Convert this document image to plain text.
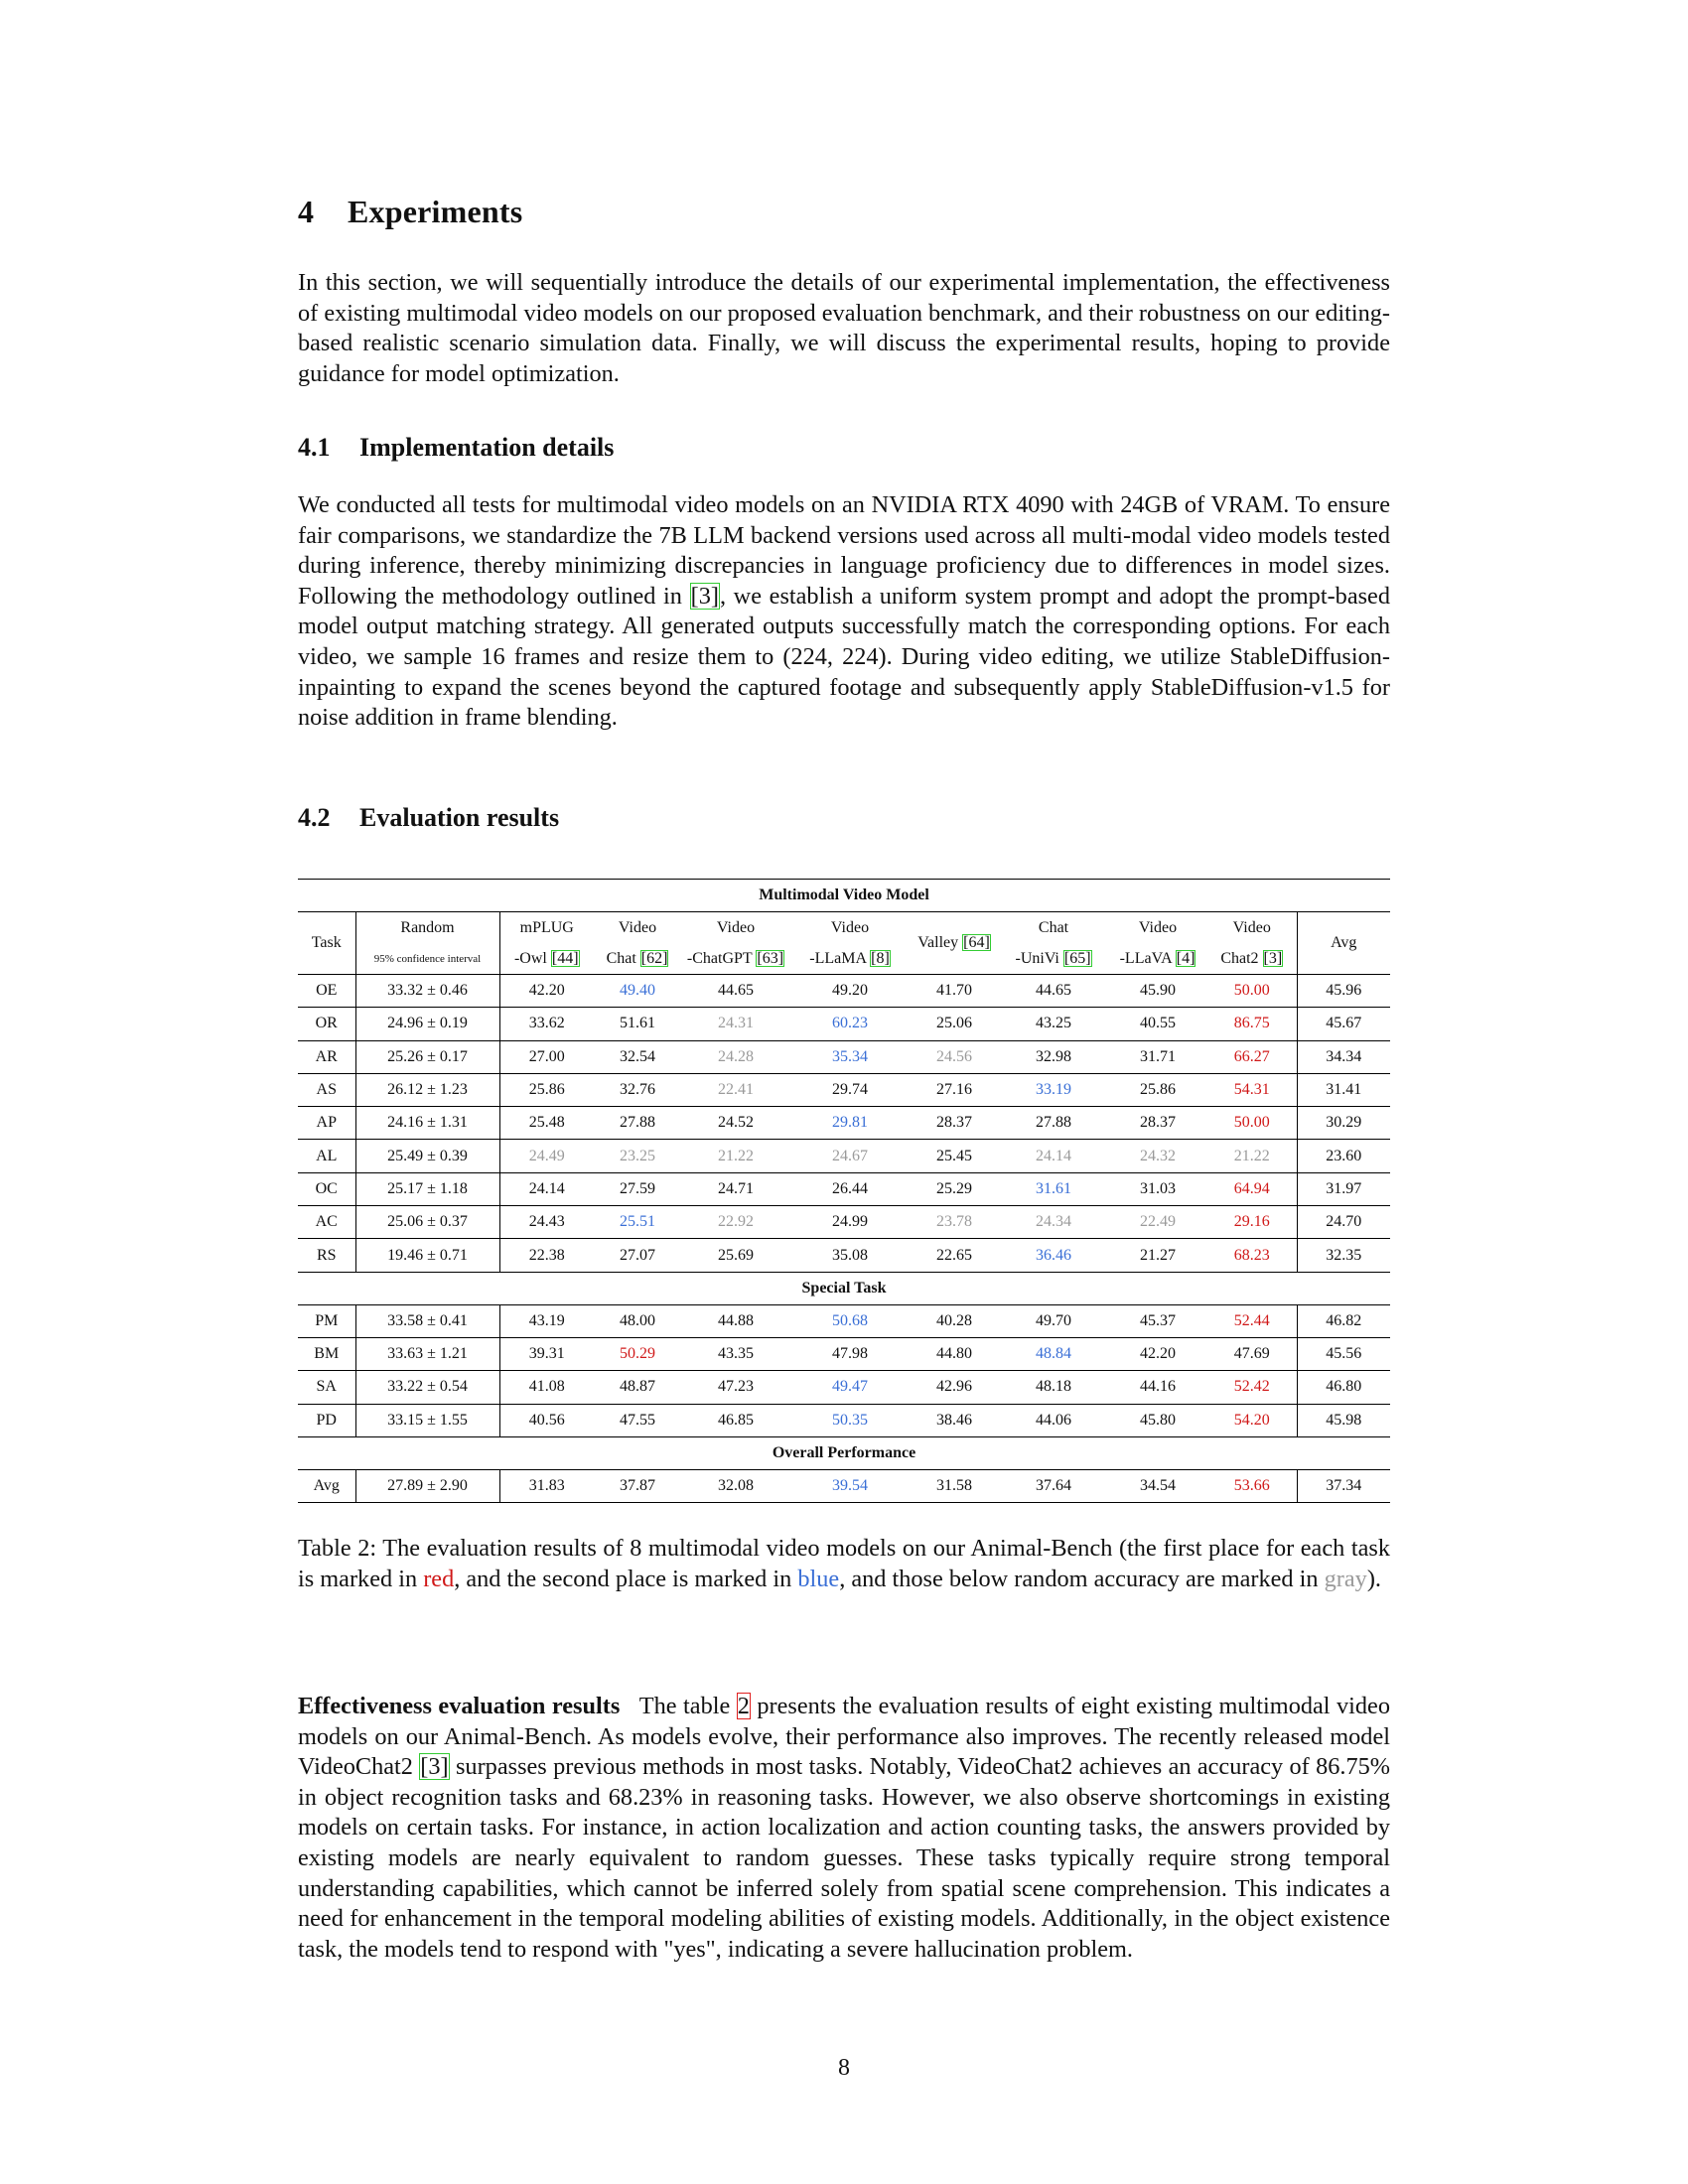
4 Experiments

In this section, we will sequentially introduce the details of our experimental implementation, the effectiveness of existing multimodal video models on our proposed evaluation benchmark, and their robustness on our editing-based realistic scenario simulation data. Finally, we will discuss the experimental results, hoping to provide guidance for model optimization.

4.1 Implementation details

We conducted all tests for multimodal video models on an NVIDIA RTX 4090 with 24GB of VRAM. To ensure fair comparisons, we standardize the 7B LLM backend versions used across all multi-modal video models tested during inference, thereby minimizing discrepancies in language proficiency due to differences in model sizes. Following the methodology outlined in [3], we establish a uniform system prompt and adopt the prompt-based model output matching strategy. All generated outputs successfully match the corresponding options. For each video, we sample 16 frames and resize them to (224, 224). During video editing, we utilize StableDiffusion-inpainting to expand the scenes beyond the captured footage and subsequently apply StableDiffusion-v1.5 for noise addition in frame blending.

4.2 Evaluation results
Multimodal Video Model										
Task	Random	mPLUG	Video	Video	Video	Valley [64]	Chat	Video	Video	Avg
	95% confidence interval	-Owl [44]	Chat [62]	-ChatGPT [63]	-LLaMA [8]		-UniVi [65]	-LLaVA [4]	Chat2 [3]	
OE	33.32 ± 0.46	42.20	49.40	44.65	49.20	41.70	44.65	45.90	50.00	45.96
OR	24.96 ± 0.19	33.62	51.61	24.31	60.23	25.06	43.25	40.55	86.75	45.67
AR	25.26 ± 0.17	27.00	32.54	24.28	35.34	24.56	32.98	31.71	66.27	34.34
AS	26.12 ± 1.23	25.86	32.76	22.41	29.74	27.16	33.19	25.86	54.31	31.41
AP	24.16 ± 1.31	25.48	27.88	24.52	29.81	28.37	27.88	28.37	50.00	30.29
AL	25.49 ± 0.39	24.49	23.25	21.22	24.67	25.45	24.14	24.32	21.22	23.60
OC	25.17 ± 1.18	24.14	27.59	24.71	26.44	25.29	31.61	31.03	64.94	31.97
AC	25.06 ± 0.37	24.43	25.51	22.92	24.99	23.78	24.34	22.49	29.16	24.70
RS	19.46 ± 0.71	22.38	27.07	25.69	35.08	22.65	36.46	21.27	68.23	32.35
Special Task										
PM	33.58 ± 0.41	43.19	48.00	44.88	50.68	40.28	49.70	45.37	52.44	46.82
BM	33.63 ± 1.21	39.31	50.29	43.35	47.98	44.80	48.84	42.20	47.69	45.56
SA	33.22 ± 0.54	41.08	48.87	47.23	49.47	42.96	48.18	44.16	52.42	46.80
PD	33.15 ± 1.55	40.56	47.55	46.85	50.35	38.46	44.06	45.80	54.20	45.98
Overall Performance										
Avg	27.89 ± 2.90	31.83	37.87	32.08	39.54	31.58	37.64	34.54	53.66	37.34

Table 2: The evaluation results of 8 multimodal video models on our Animal-Bench (the first place for each task is marked in red, and the second place is marked in blue, and those below random accuracy are marked in gray).

Effectiveness evaluation results The table 2 presents the evaluation results of eight existing multimodal video models on our Animal-Bench. As models evolve, their performance also improves. The recently released model VideoChat2 [3] surpasses previous methods in most tasks. Notably, VideoChat2 achieves an accuracy of 86.75% in object recognition tasks and 68.23% in reasoning tasks. However, we also observe shortcomings in existing models on certain tasks. For instance, in action localization and action counting tasks, the answers provided by existing models are nearly equivalent to random guesses. These tasks typically require strong temporal understanding capabilities, which cannot be inferred solely from spatial scene comprehension. This indicates a need for enhancement in the temporal modeling abilities of existing models. Additionally, in the object existence task, the models tend to respond with "yes", indicating a severe hallucination problem.

8
